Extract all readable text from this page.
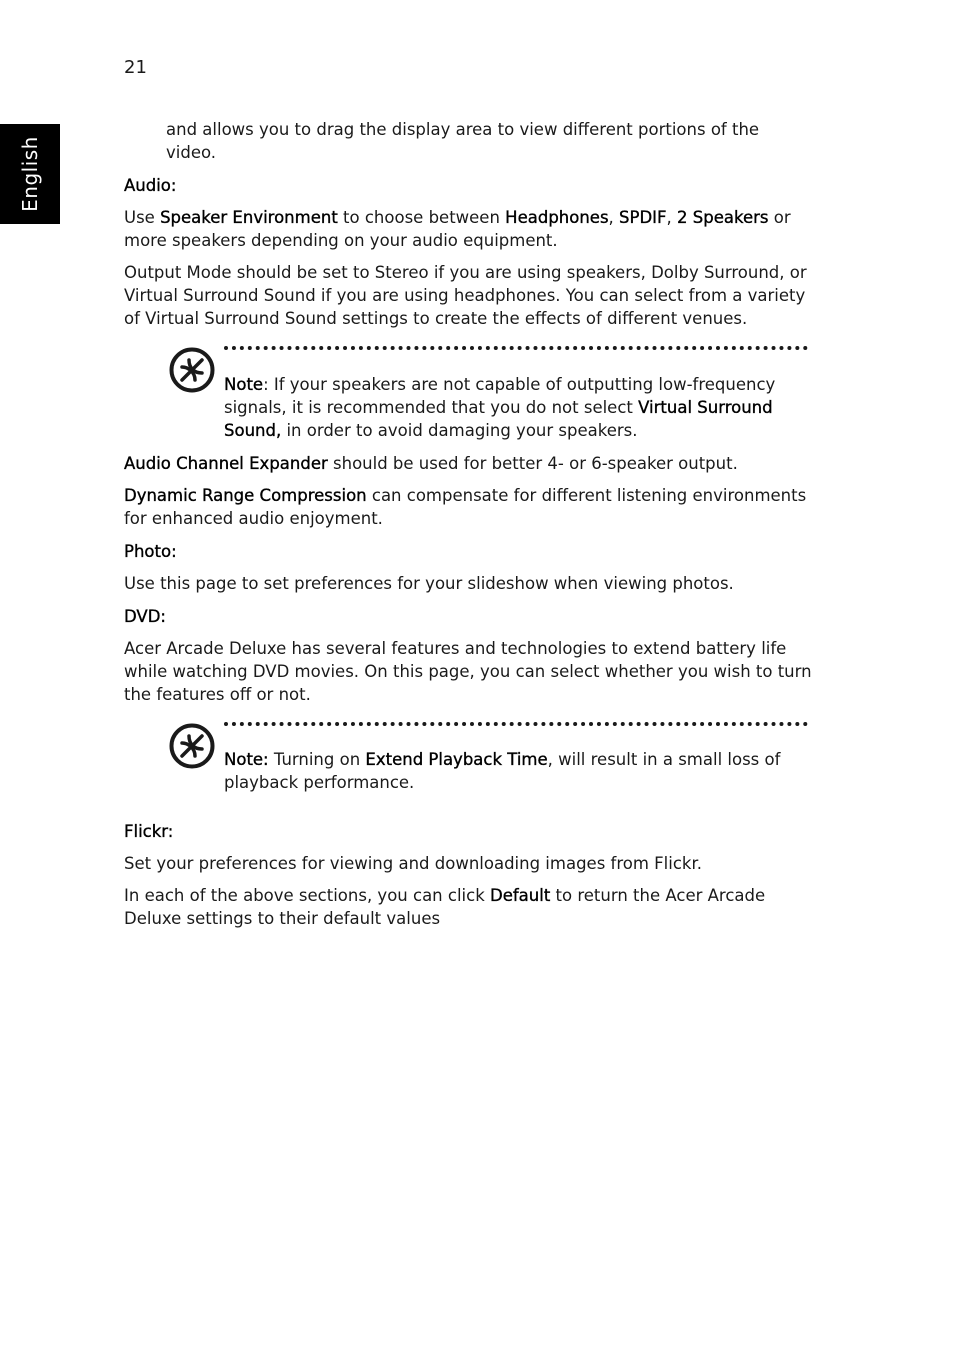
21
English

and allows you to drag the display area to view different portions of the video.

Audio:

Use Speaker Environment to choose between Headphones, SPDIF, 2 Speakers or more speakers depending on your audio equipment.

Output Mode should be set to Stereo if you are using speakers, Dolby Surround, or Virtual Surround Sound if you are using headphones. You can select from a variety of Virtual Surround Sound settings to create the effects of different venues.

Note: If your speakers are not capable of outputting low-frequency signals, it is recommended that you do not select Virtual Surround Sound, in order to avoid damaging your speakers.

Audio Channel Expander should be used for better 4- or 6-speaker output.

Dynamic Range Compression can compensate for different listening environments for enhanced audio enjoyment.

Photo:

Use this page to set preferences for your slideshow when viewing photos.

DVD:

Acer Arcade Deluxe has several features and technologies to extend battery life while watching DVD movies. On this page, you can select whether you wish to turn the features off or not.

Note: Turning on Extend Playback Time, will result in a small loss of playback performance.

Flickr:

Set your preferences for viewing and downloading images from Flickr.

In each of the above sections, you can click Default to return the Acer Arcade Deluxe settings to their default values
